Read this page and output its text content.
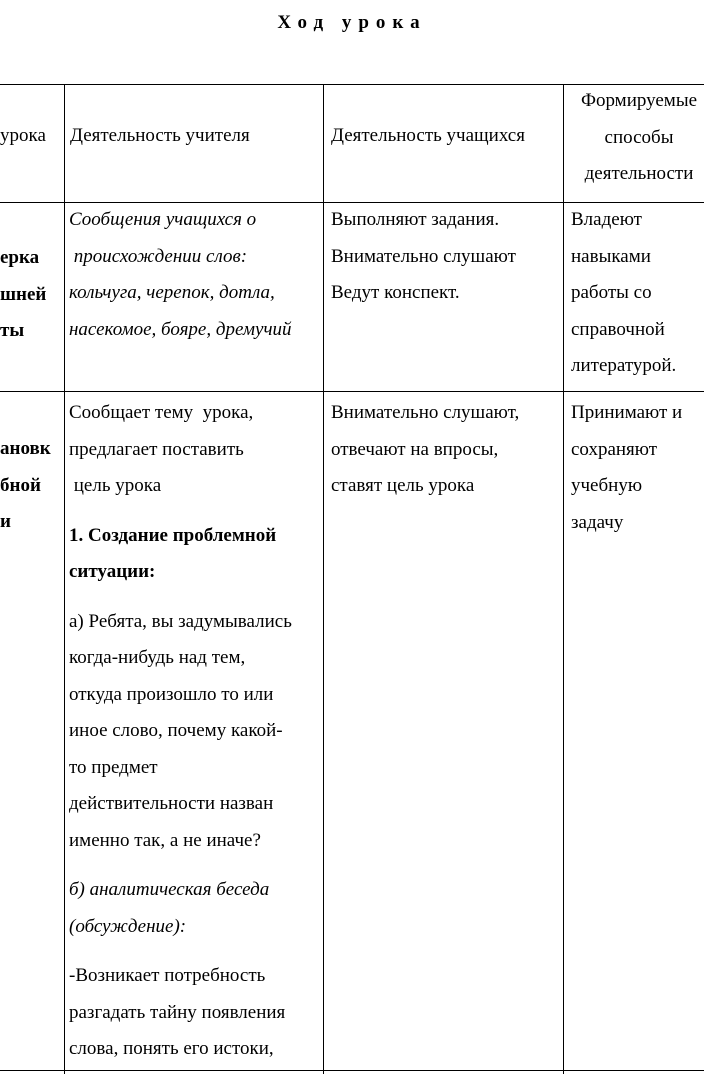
Ход урока
урока Деятельность учителя	Деятельность учащихся

Формируемые

способы

деятельности

ерка

шней

ты

Сообщения учащихся о

происхождении слов:

кольчуга, черепок, дотла,

насекомое, бояре, дремучий

Выполняют задания.

Внимательно слушают

Ведут конспект.

Владеют

навыками

работы со

справочной

литературой.

ановк

бной

и

Сообщает тему  урока,

предлагает поставить

цель урока

1. Создание проблемной

ситуации:

а) Ребята, вы задумывались

когда-нибудь над тем,

откуда произошло то или

иное слово, почему какой-

то предмет

действительности назван

именно так, а не иначе?

б) аналитическая беседа

(обсуждение):

-Возникает потребность

разгадать тайну появления

слова, понять его истоки,

Внимательно слушают,

отвечают на впросы,

ставят цель урока

Принимают и

сохраняют

учебную

задачу
